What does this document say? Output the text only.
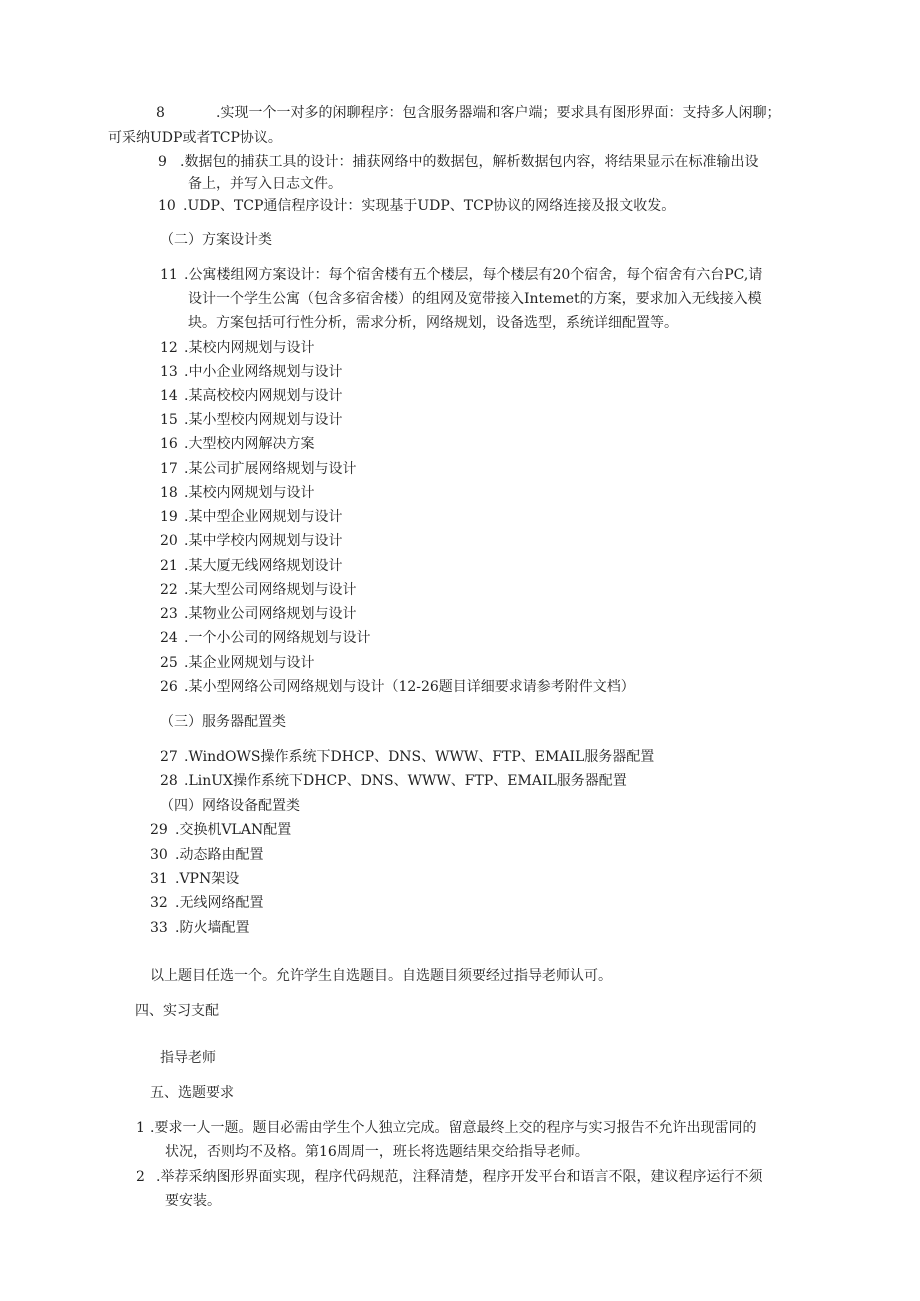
8	.实现一个一对多的闲聊程序：包含服务器端和客户端；要求具有图形界面：支持多人闲聊；
可采纳UDP或者TCP协议。
9 .数据包的捕获工具的设计：捕获网络中的数据包，解析数据包内容，将结果显示在标准输出设
备上，并写入日志文件。
10 .UDP、TCP通信程序设计：实现基于UDP、TCP协议的网络连接及报文收发。
（二）方案设计类
11 .公寓楼组网方案设计：每个宿舍楼有五个楼层，每个楼层有20个宿舍，每个宿舍有六台PC,请
设计一个学生公寓（包含多宿舍楼）的组网及宽带接入Intemet的方案，要求加入无线接入模
块。方案包括可行性分析，需求分析，网络规划，设备选型，系统详细配置等。
12 .某校内网规划与设计
13 .中小企业网络规划与设计
14 .某高校校内网规划与设计
15 .某小型校内网规划与设计
16 .大型校内网解决方案
17 .某公司扩展网络规划与设计
18 .某校内网规划与设计
19 .某中型企业网规划与设计
20 .某中学校内网规划与设计
21 .某大厦无线网络规划设计
22 .某大型公司网络规划与设计
23 .某物业公司网络规划与设计
24 .一个小公司的网络规划与设计
25 .某企业网规划与设计
26 .某小型网络公司网络规划与设计（12-26题目详细要求请参考附件文档）
（三）服务器配置类
27 .WindOWS操作系统下DHCP、DNS、WWW、FTP、EMAIL服务器配置
28 .LinUX操作系统下DHCP、DNS、WWW、FTP、EMAIL服务器配置
（四）网络设备配置类
29 .交换机VLAN配置
30 .动态路由配置
31 .VPN架设
32 .无线网络配置
33 .防火墙配置
以上题目任选一个。允许学生自选题目。自选题目须要经过指导老师认可。
四、实习支配
指导老师
五、选题要求
1 .要求一人一题。题目必需由学生个人独立完成。留意最终上交的程序与实习报告不允许出现雷同的
状况，否则均不及格。第16周周一，班长将选题结果交给指导老师。
2 .举荐采纳图形界面实现，程序代码规范，注释清楚，程序开发平台和语言不限，建议程序运行不须
要安装。
